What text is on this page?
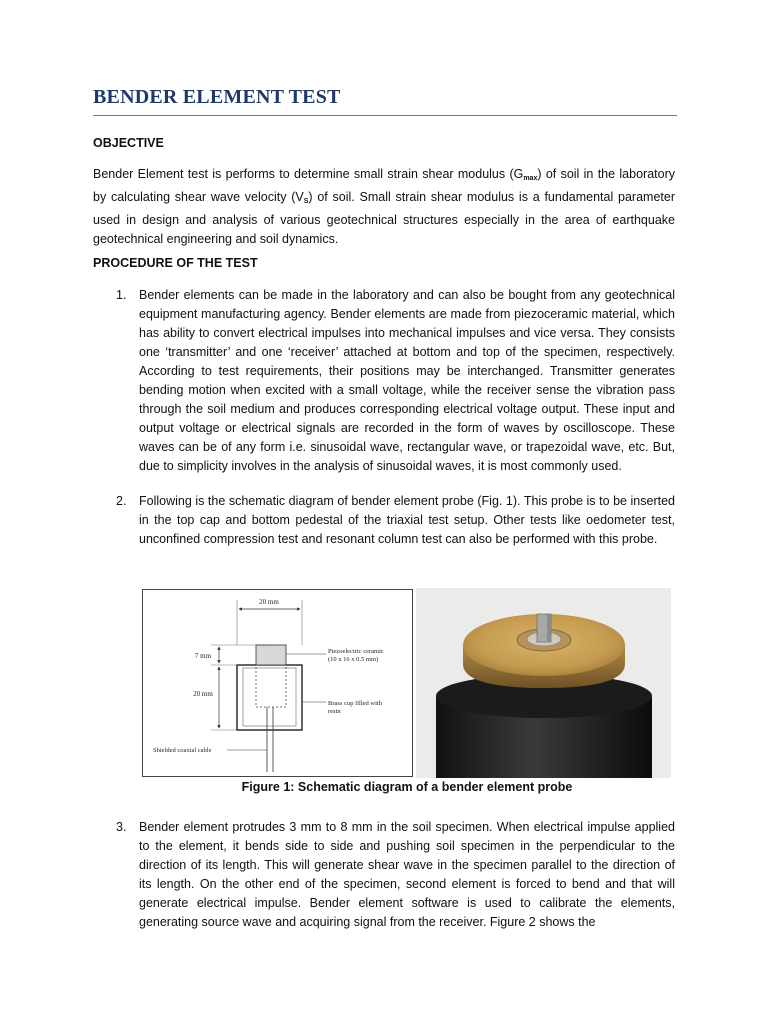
BENDER ELEMENT TEST
OBJECTIVE

Bender Element test is performs to determine small strain shear modulus $(G_{max})$ of soil in the laboratory by calculating shear wave velocity $(V_S)$ of soil. Small strain shear modulus is a fundamental parameter used in design and analysis of various geotechnical structures especially in the area of earthquake geotechnical engineering and soil dynamics.

PROCEDURE OF THE TEST
1.	Bender elements can be made in the laboratory and can also be bought from any geotechnical equipment manufacturing agency. Bender elements are made from piezoceramic material, which has ability to convert electrical impulses into mechanical impulses and vice versa. They consists one ‘transmitter’ and one ‘receiver’ attached at bottom and top of the specimen, respectively. According to test requirements, their positions may be interchanged. Transmitter generates bending motion when excited with a small voltage, while the receiver sense the vibration pass through the soil medium and produces corresponding electrical voltage output. These input and output voltage or electrical signals are recorded in the form of waves by oscilloscope. These waves can be of any form i.e. sinusoidal wave, rectangular wave, or trapezoidal wave, etc. But, due to simplicity involves in the analysis of sinusoidal waves, it is most commonly used.

2.	Following is the schematic diagram of bender element probe (Fig. 1). This probe is to be inserted in the top cap and bottom pedestal of the triaxial test setup. Other tests like oedometer test, unconfined compression test and resonant column test can also be performed with this probe.

20 mm
7 mm
20 mm
Piezoelectric ceramic
(10 x 16 x 0.5 mm)
Brass cup filled with
resin
Shielded coaxial cable
Figure 1: Schematic diagram of a bender element probe
3.	Bender element protrudes 3 mm to 8 mm in the soil specimen. When electrical impulse applied to the element, it bends side to side and pushing soil specimen in the perpendicular to the direction of its length. This will generate shear wave in the specimen parallel to the direction of its length. On the other end of the specimen, second element is forced to bend and that will generate electrical impulse. Bender element software is used to calibrate the elements, generating source wave and acquiring signal from the receiver. Figure 2 shows the
